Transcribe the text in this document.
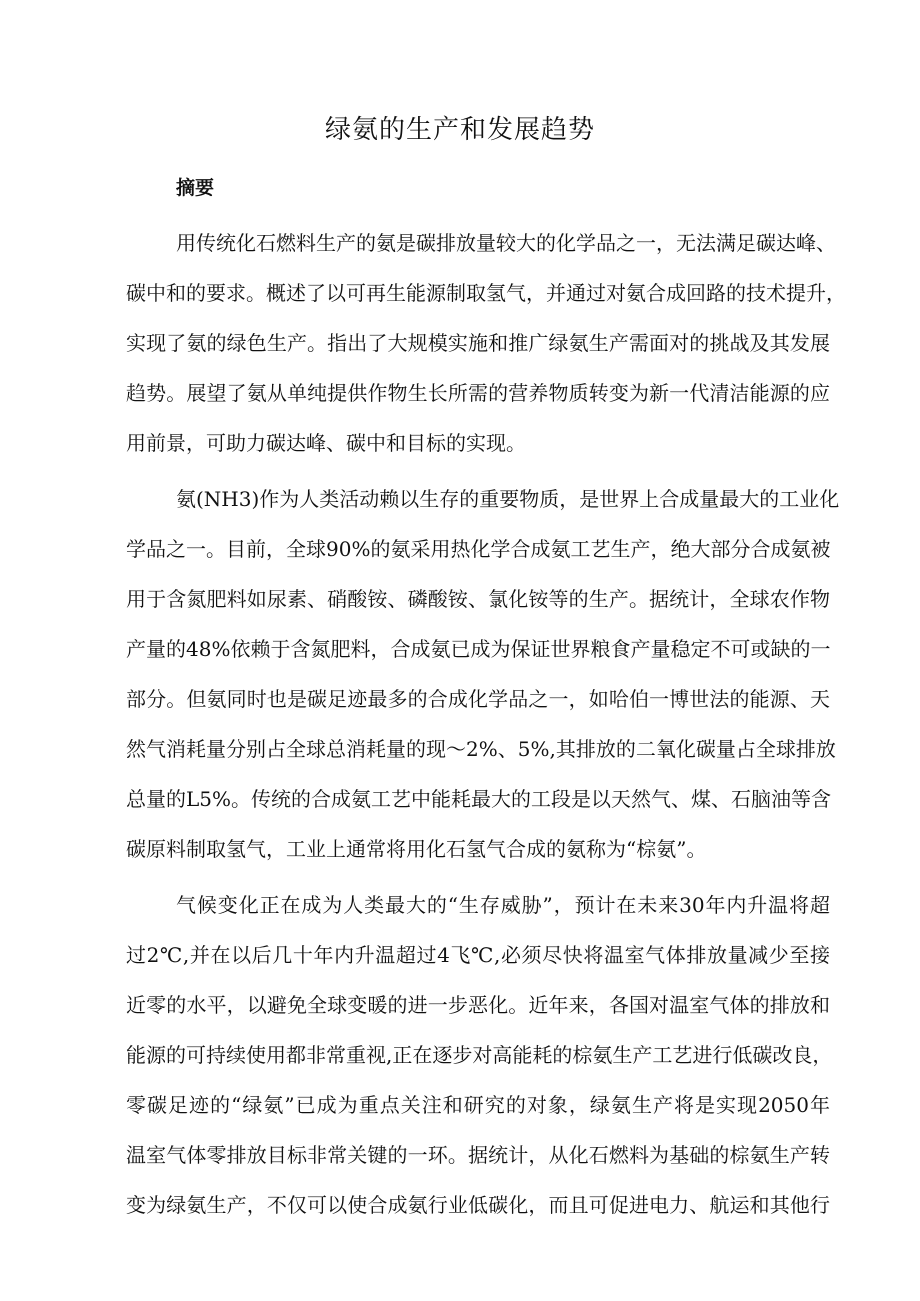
绿氨的生产和发展趋势
摘要
用传统化石燃料生产的氨是碳排放量较大的化学品之一，无法满足碳达峰、
碳中和的要求。概述了以可再生能源制取氢气，并通过对氨合成回路的技术提升，
实现了氨的绿色生产。指出了大规模实施和推广绿氨生产需面对的挑战及其发展
趋势。展望了氨从单纯提供作物生长所需的营养物质转变为新一代清洁能源的应
用前景，可助力碳达峰、碳中和目标的实现。
氨(NH3)作为人类活动赖以生存的重要物质，是世界上合成量最大的工业化
学品之一。目前，全球90%的氨采用热化学合成氨工艺生产，绝大部分合成氨被
用于含氮肥料如尿素、硝酸铵、磷酸铵、氯化铵等的生产。据统计，全球农作物
产量的48%依赖于含氮肥料，合成氨已成为保证世界粮食产量稳定不可或缺的一
部分。但氨同时也是碳足迹最多的合成化学品之一，如哈伯一博世法的能源、天
然气消耗量分别占全球总消耗量的现～2%、5%,其排放的二氧化碳量占全球排放
总量的L5%。传统的合成氨工艺中能耗最大的工段是以天然气、煤、石脑油等含
碳原料制取氢气，工业上通常将用化石氢气合成的氨称为“棕氨”。
气候变化正在成为人类最大的“生存威胁”，预计在未来30年内升温将超
过2℃,并在以后几十年内升温超过4飞℃,必须尽快将温室气体排放量减少至接
近零的水平，以避免全球变暖的进一步恶化。近年来，各国对温室气体的排放和
能源的可持续使用都非常重视,正在逐步对高能耗的棕氨生产工艺进行低碳改良，
零碳足迹的“绿氨”已成为重点关注和研究的对象，绿氨生产将是实现2050年
温室气体零排放目标非常关键的一环。据统计，从化石燃料为基础的棕氨生产转
变为绿氨生产，不仅可以使合成氨行业低碳化，而且可促进电力、航运和其他行
